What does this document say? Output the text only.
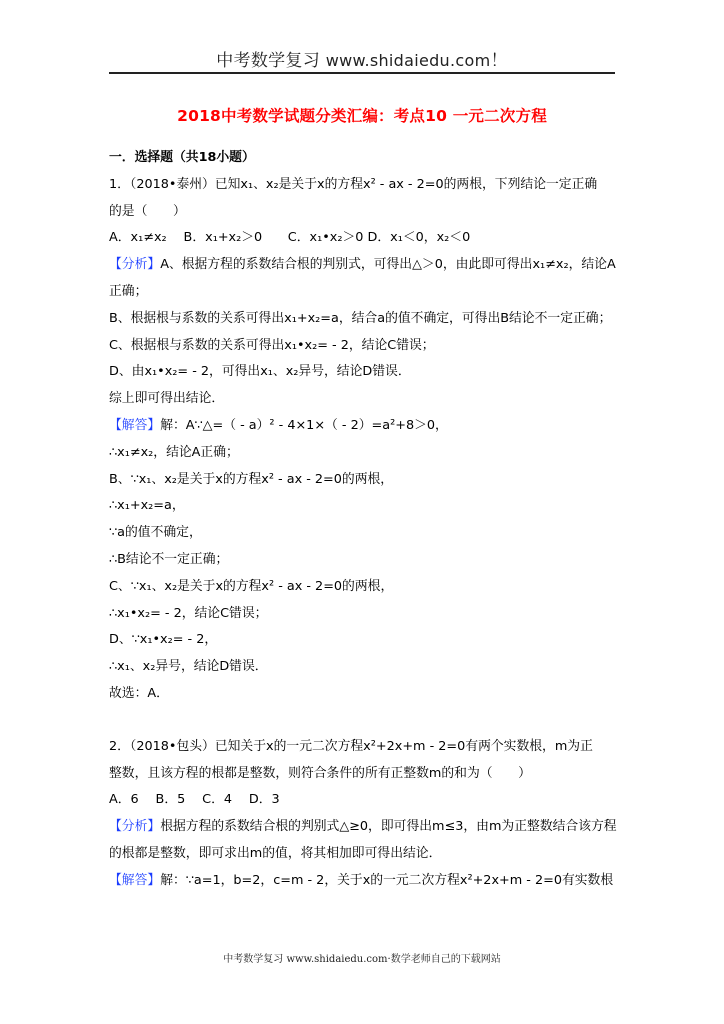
中考数学复习 www.shidaiedu.com！
2018中考数学试题分类汇编：考点10 一元二次方程
一．选择题（共18小题）
1．（2018•泰州）已知x₁、x₂是关于x的方程x² - ax - 2=0的两根，下列结论一定正确
的是（　　）
A．x₁≠x₂　 B．x₁+x₂＞0　　C．x₁•x₂＞0 D．x₁＜0，x₂＜0
【分析】A、根据方程的系数结合根的判别式，可得出△＞0，由此即可得出x₁≠x₂，结论A
正确；
B、根据根与系数的关系可得出x₁+x₂=a，结合a的值不确定，可得出B结论不一定正确；
C、根据根与系数的关系可得出x₁•x₂= - 2，结论C错误；
D、由x₁•x₂= - 2，可得出x₁、x₂异号，结论D错误．
综上即可得出结论．
【解答】解：A∵△=（ - a）² - 4×1×（ - 2）=a²+8＞0，
∴x₁≠x₂，结论A正确；
B、∵x₁、x₂是关于x的方程x² - ax - 2=0的两根，
∴x₁+x₂=a，
∵a的值不确定，
∴B结论不一定正确；
C、∵x₁、x₂是关于x的方程x² - ax - 2=0的两根，
∴x₁•x₂= - 2，结论C错误；
D、∵x₁•x₂= - 2，
∴x₁、x₂异号，结论D错误．
故选：A．
2．（2018•包头）已知关于x的一元二次方程x²+2x+m - 2=0有两个实数根，m为正
整数，且该方程的根都是整数，则符合条件的所有正整数m的和为（　　）
A．6　 B．5　 C．4　 D．3
【分析】根据方程的系数结合根的判别式△≥0，即可得出m≤3，由m为正整数结合该方程
的根都是整数，即可求出m的值，将其相加即可得出结论．
【解答】解：∵a=1，b=2，c=m - 2，关于x的一元二次方程x²+2x+m - 2=0有实数根
中考数学复习 www.shidaiedu.com·数学老师自己的下载网站
